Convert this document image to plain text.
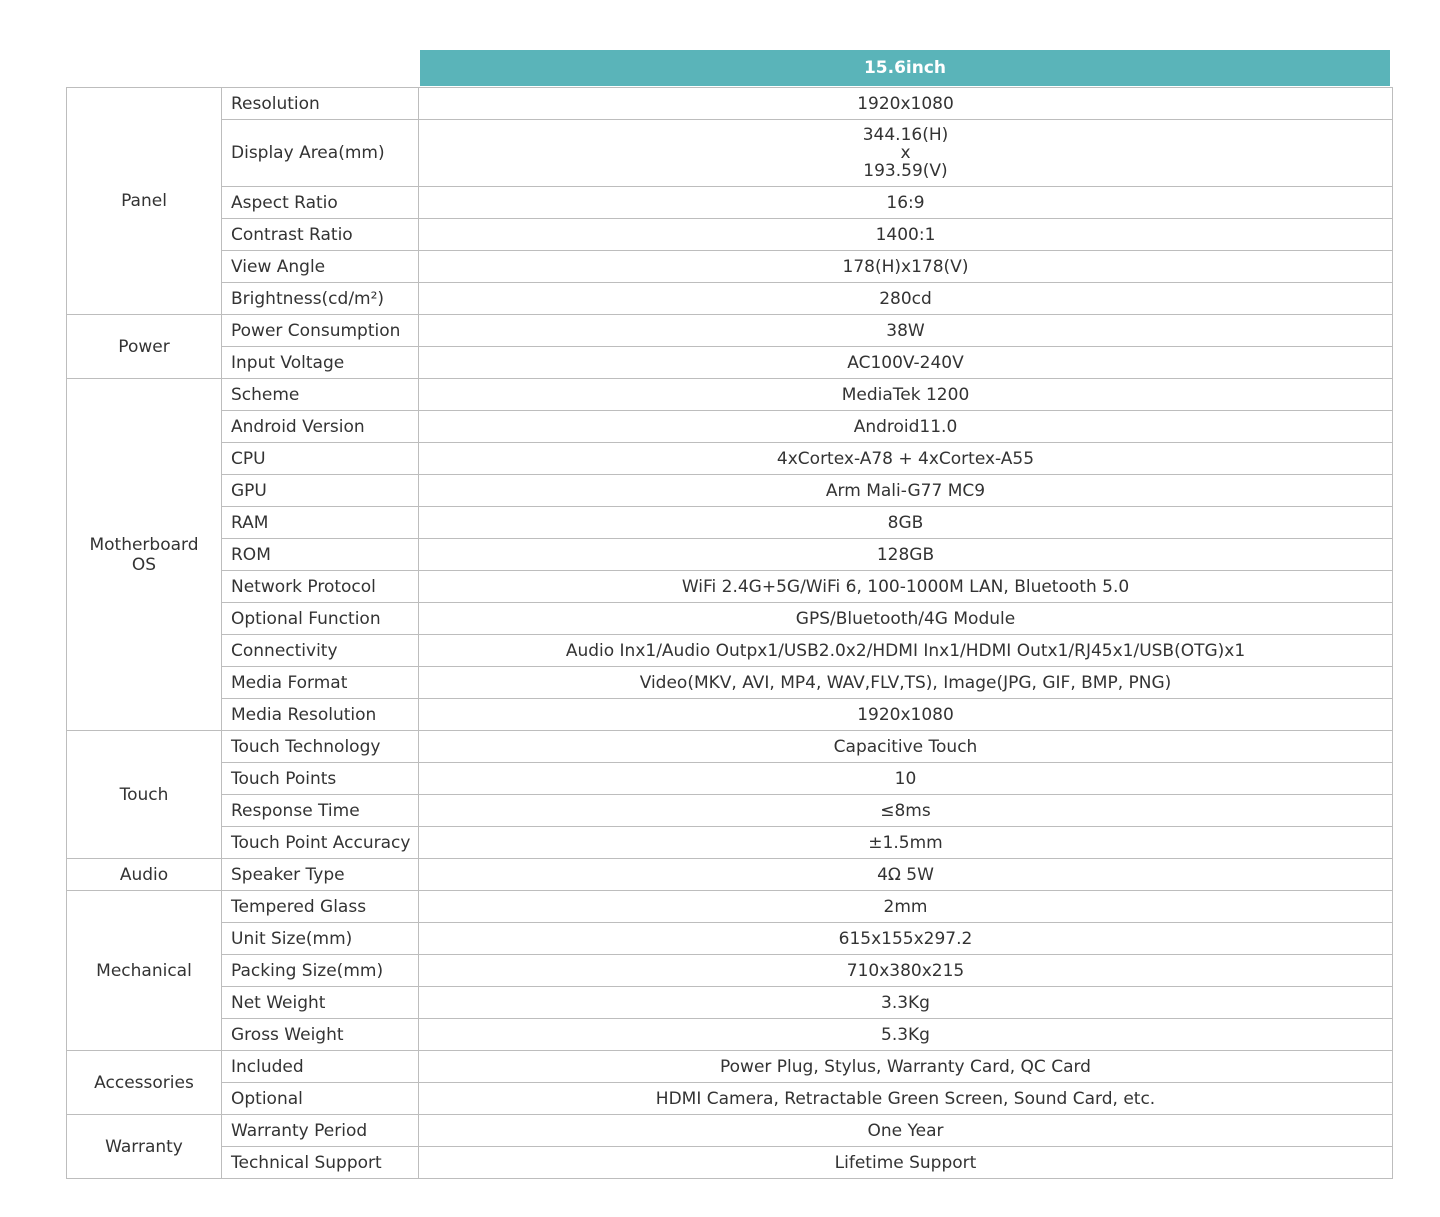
15.6inch
Panel	Resolution	1920x1080
	Display Area(mm)	344.16(H)
x
193.59(V)

	Aspect Ratio	16:9
	Contrast Ratio	1400:1
	View Angle	178(H)x178(V)
	Brightness(cd/m²)	280cd
Power	Power Consumption	38W
	Input Voltage	AC100V-240V

Motherboard
OS	Scheme	MediaTek 1200
	Android Version	Android11.0
	CPU	4xCortex-A78 + 4xCortex-A55
	GPU	Arm Mali-G77 MC9
	RAM	8GB
	ROM	128GB
	Network Protocol	WiFi 2.4G+5G/WiFi 6, 100-1000M LAN, Bluetooth 5.0
	Optional Function	GPS/Bluetooth/4G Module
	Connectivity	Audio Inx1/Audio Outpx1/USB2.0x2/HDMI Inx1/HDMI Outx1/RJ45x1/USB(OTG)x1
	Media Format	Video(MKV, AVI, MP4, WAV,FLV,TS), Image(JPG, GIF, BMP, PNG)
	Media Resolution	1920x1080
Touch	Touch Technology	Capacitive Touch
	Touch Points	10
	Response Time	≤8ms
	Touch Point Accuracy	±1.5mm
Audio	Speaker Type	4Ω 5W
Mechanical	Tempered Glass	2mm
	Unit Size(mm)	615x155x297.2
	Packing Size(mm)	710x380x215
	Net Weight	3.3Kg
	Gross Weight	5.3Kg
Accessories	Included	Power Plug, Stylus, Warranty Card, QC Card
	Optional	HDMI Camera, Retractable Green Screen, Sound Card, etc.
Warranty	Warranty Period	One Year
	Technical Support	Lifetime Support
